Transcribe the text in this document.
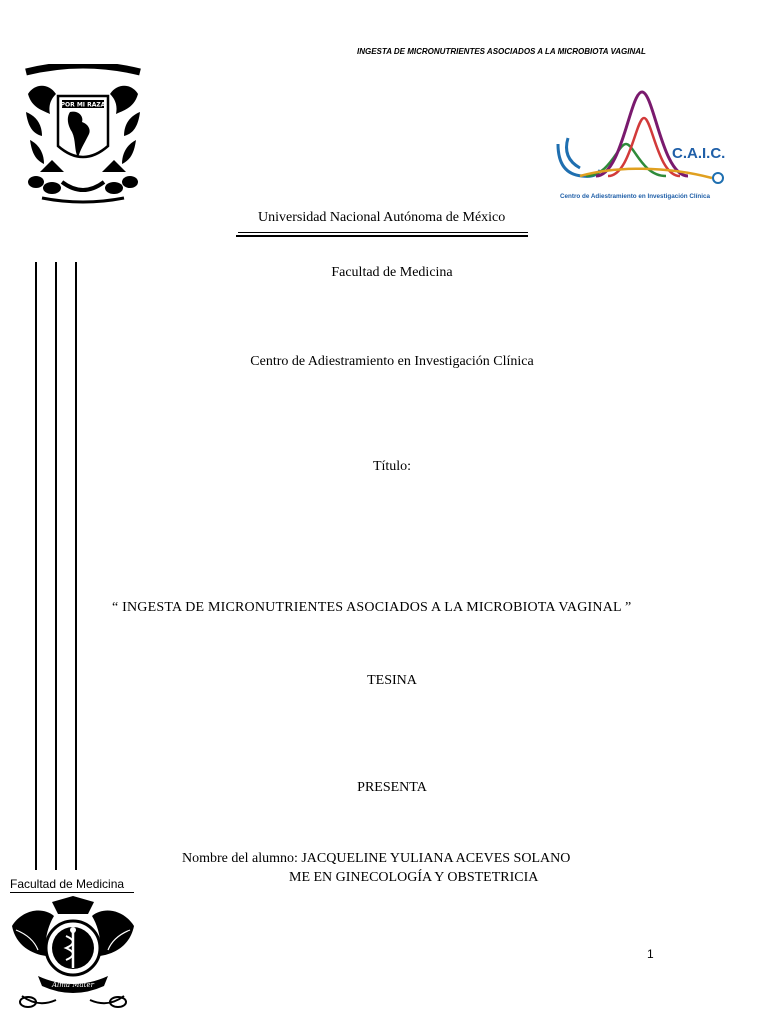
INGESTA DE MICRONUTRIENTES ASOCIADOS A LA MICROBIOTA VAGINAL
POR MI RAZA
C.A.I.C.
Centro de Adiestramiento en Investigación Clínica
Universidad Nacional Autónoma de México
Facultad de Medicina
Centro de Adiestramiento en Investigación Clínica
Título:
“ INGESTA DE MICRONUTRIENTES ASOCIADOS A LA MICROBIOTA VAGINAL ”
TESINA
PRESENTA
Nombre del alumno: JACQUELINE YULIANA ACEVES SOLANO
ME EN GINECOLOGÍA Y OBSTETRICIA
1
Facultad de Medicina
Alma Mater
